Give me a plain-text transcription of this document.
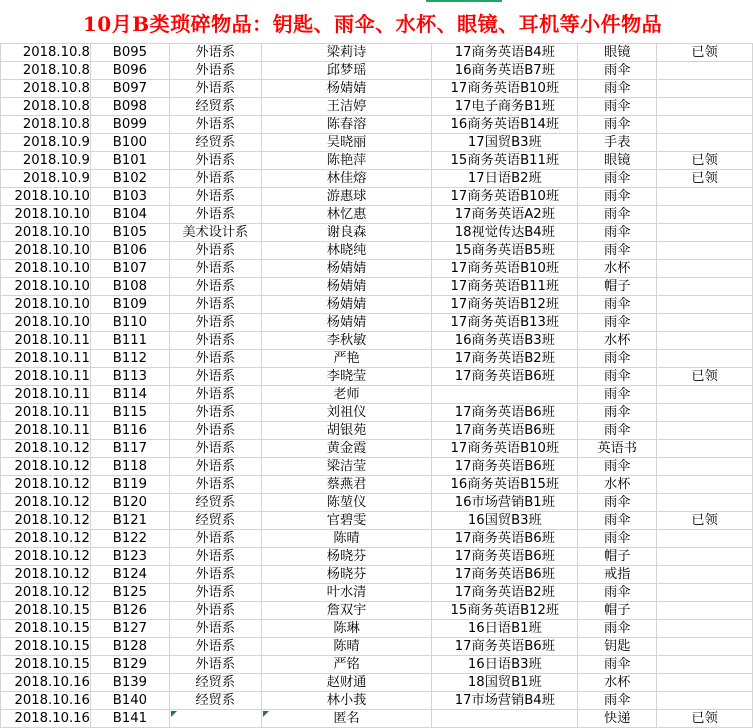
10月B类琐碎物品：钥匙、雨伞、水杯、眼镜、耳机等小件物品
2018.10.8	B095	外语系	梁莉诗	17商务英语B4班	眼镜	已领
2018.10.8	B096	外语系	邱梦瑶	16商务英语B7班	雨伞	
2018.10.8	B097	外语系	杨婧婧	17商务英语B10班	雨伞	
2018.10.8	B098	经贸系	王洁婷	17电子商务B1班	雨伞	
2018.10.8	B099	外语系	陈春溶	16商务英语B14班	雨伞	
2018.10.9	B100	经贸系	吴晓丽	17国贸B3班	手表	
2018.10.9	B101	外语系	陈艳萍	15商务英语B11班	眼镜	已领
2018.10.9	B102	外语系	林佳熔	17日语B2班	雨伞	已领
2018.10.10	B103	外语系	游惠球	17商务英语B10班	雨伞	
2018.10.10	B104	外语系	林忆惠	17商务英语A2班	雨伞	
2018.10.10	B105	美术设计系	谢良森	18视觉传达B4班	雨伞	
2018.10.10	B106	外语系	林晓纯	15商务英语B5班	雨伞	
2018.10.10	B107	外语系	杨婧婧	17商务英语B10班	水杯	
2018.10.10	B108	外语系	杨婧婧	17商务英语B11班	帽子	
2018.10.10	B109	外语系	杨婧婧	17商务英语B12班	雨伞	
2018.10.10	B110	外语系	杨婧婧	17商务英语B13班	雨伞	
2018.10.11	B111	外语系	李秋敏	16商务英语B3班	水杯	
2018.10.11	B112	外语系	严艳	17商务英语B2班	雨伞	
2018.10.11	B113	外语系	李晓莹	17商务英语B6班	雨伞	已领
2018.10.11	B114	外语系	老师		雨伞	
2018.10.11	B115	外语系	刘祖仪	17商务英语B6班	雨伞	
2018.10.11	B116	外语系	胡银苑	17商务英语B6班	雨伞	
2018.10.12	B117	外语系	黄金霞	17商务英语B10班	英语书	
2018.10.12	B118	外语系	梁洁莹	17商务英语B6班	雨伞	
2018.10.12	B119	外语系	蔡燕君	16商务英语B15班	水杯	
2018.10.12	B120	经贸系	陈堃仪	16市场营销B1班	雨伞	
2018.10.12	B121	经贸系	官碧雯	16国贸B3班	雨伞	已领
2018.10.12	B122	外语系	陈晴	17商务英语B6班	雨伞	
2018.10.12	B123	外语系	杨晓芬	17商务英语B6班	帽子	
2018.10.12	B124	外语系	杨晓芬	17商务英语B6班	戒指	
2018.10.12	B125	外语系	叶水清	17商务英语B2班	雨伞	
2018.10.15	B126	外语系	詹双宇	15商务英语B12班	帽子	
2018.10.15	B127	外语系	陈琳	16日语B1班	雨伞	
2018.10.15	B128	外语系	陈晴	17商务英语B6班	钥匙	
2018.10.15	B129	外语系	严铭	16日语B3班	雨伞	
2018.10.16	B139	经贸系	赵财通	18国贸B1班	水杯	
2018.10.16	B140	经贸系	林小莪	17市场营销B4班	雨伞	
2018.10.16	B141		匿名		快递	已领
